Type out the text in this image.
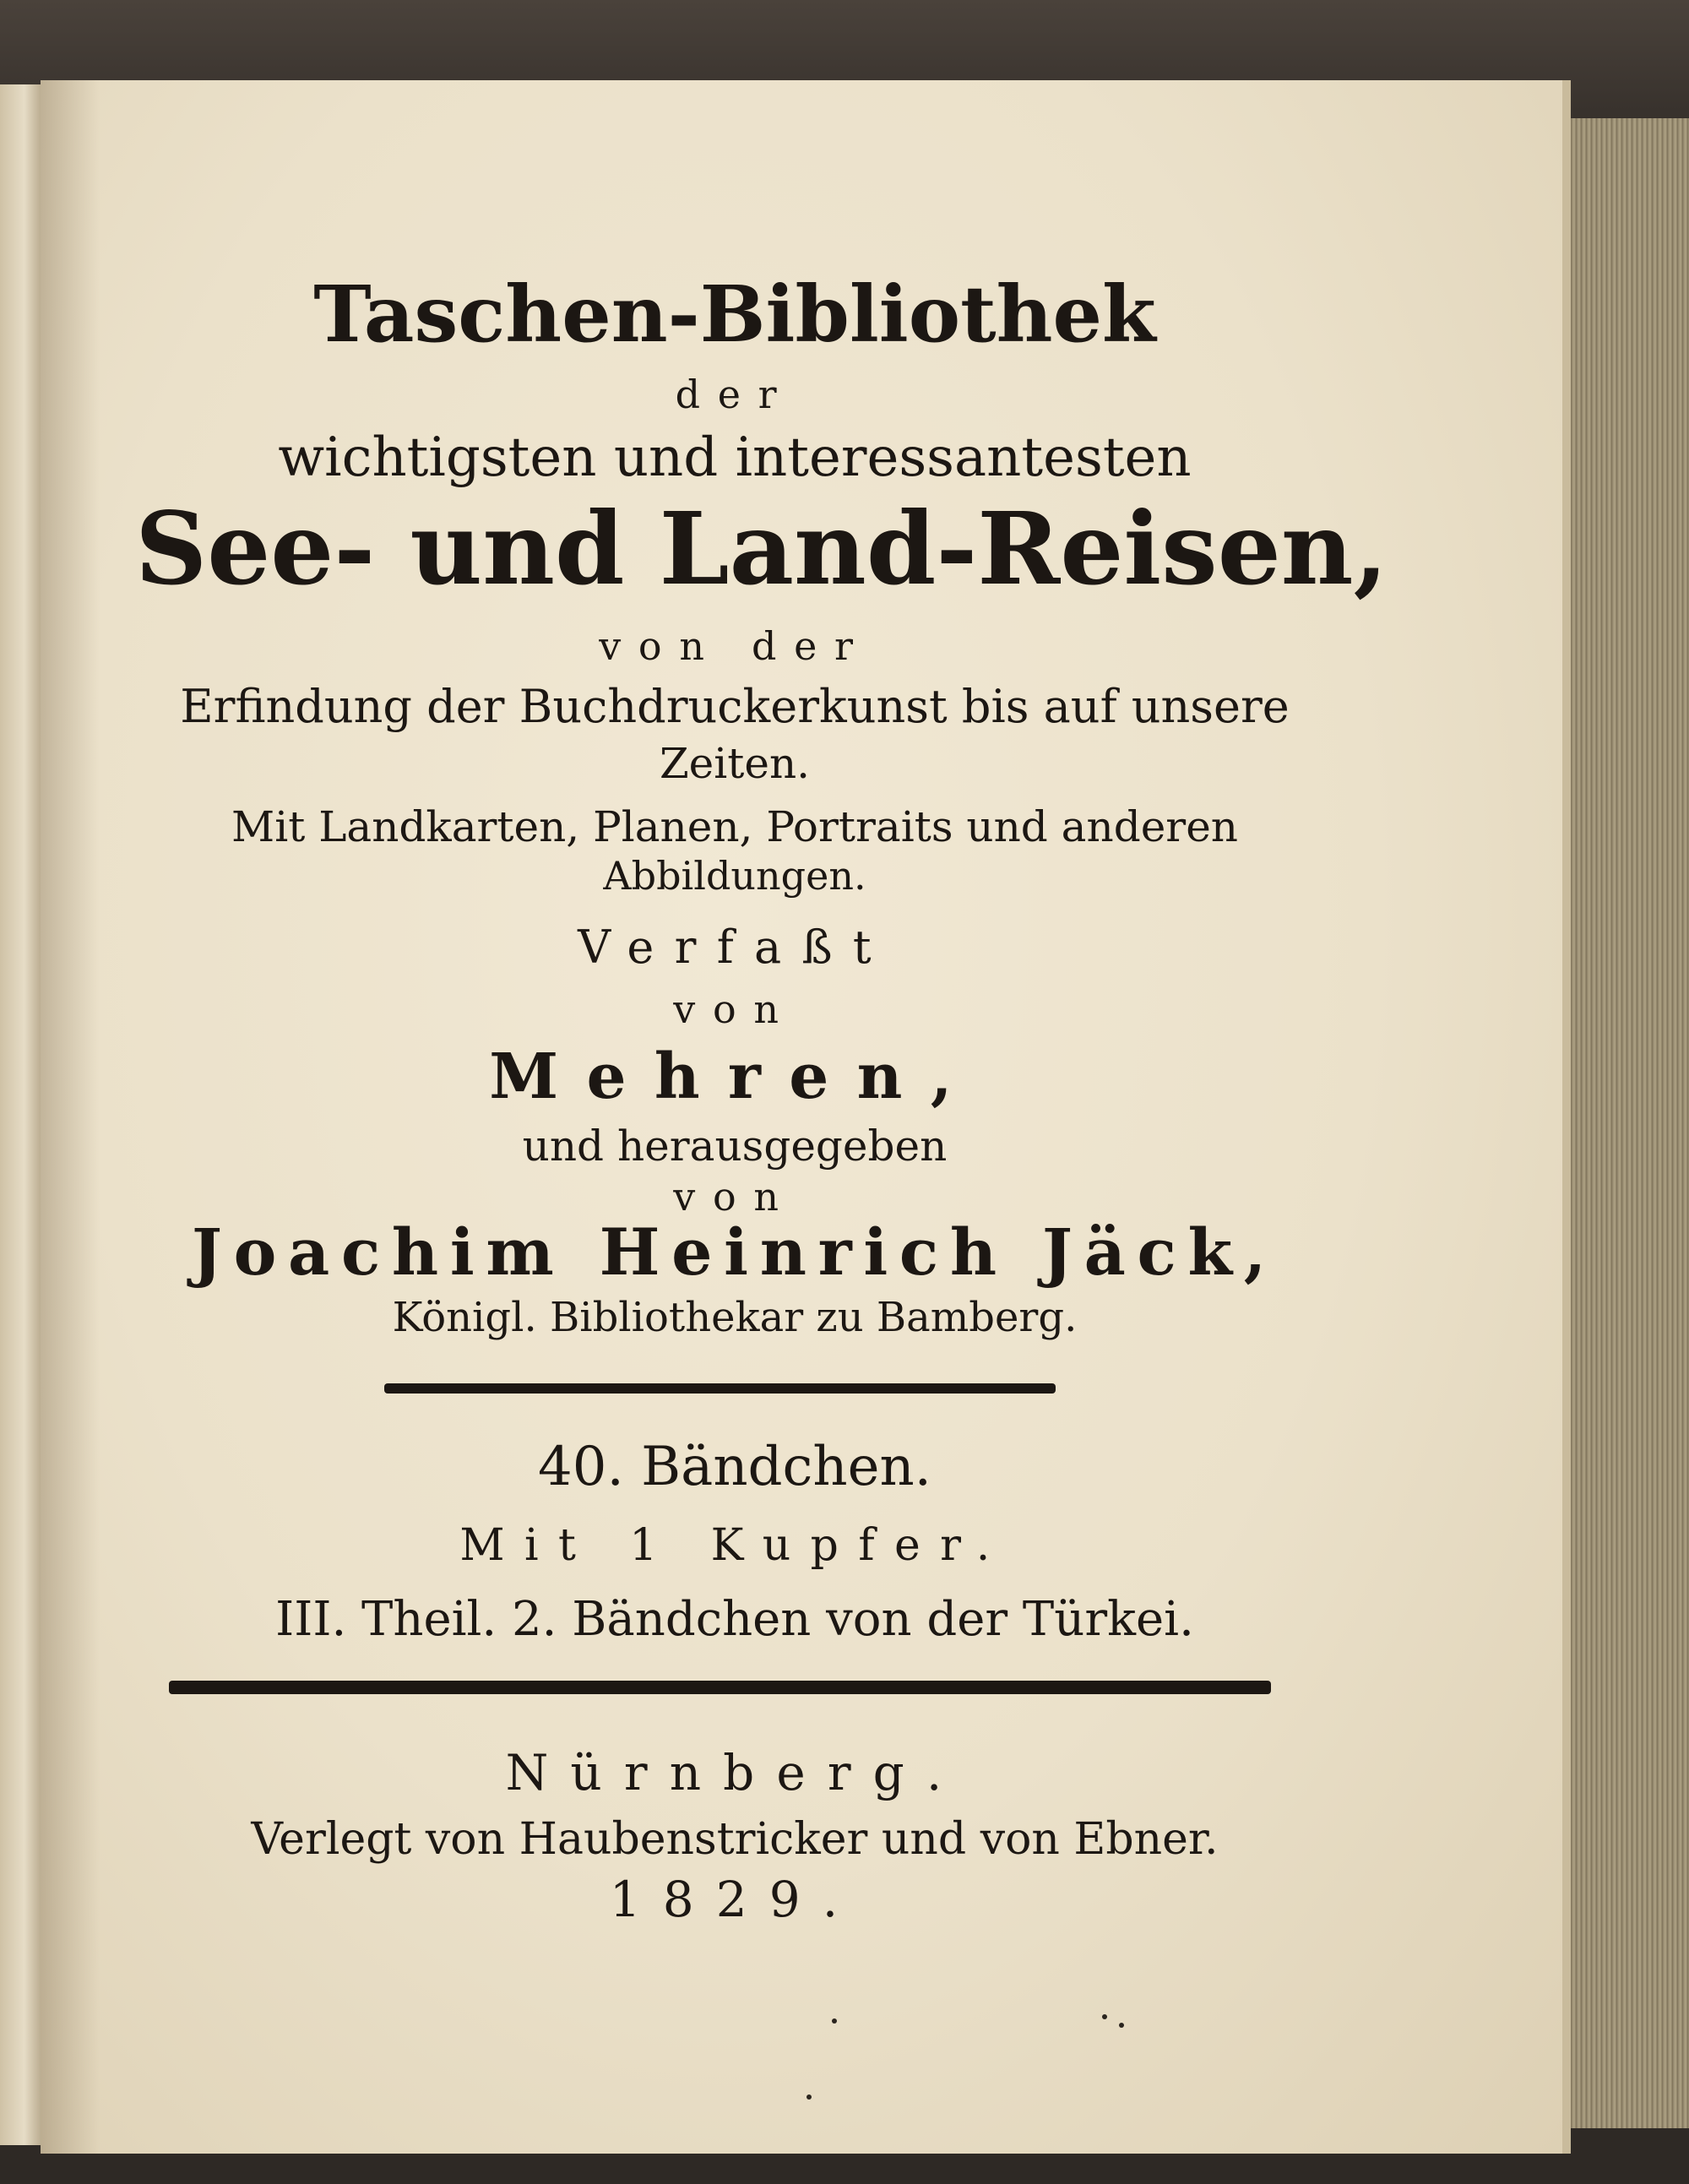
Taschen-Bibliothek
der
wichtigsten und interessantesten
See- und Land-Reisen,
von der
Erfindung der Buchdruckerkunst bis auf unsere
Zeiten.
Mit Landkarten, Planen, Portraits und anderen
Abbildungen.
Verfaßt
von
Mehren,
und herausgegeben
von
Joachim Heinrich Jäck,
Königl. Bibliothekar zu Bamberg.
40. Bändchen.
Mit 1 Kupfer.
III. Theil. 2. Bändchen von der Türkei.
Nürnberg.
Verlegt von Haubenstricker und von Ebner.
1829.
